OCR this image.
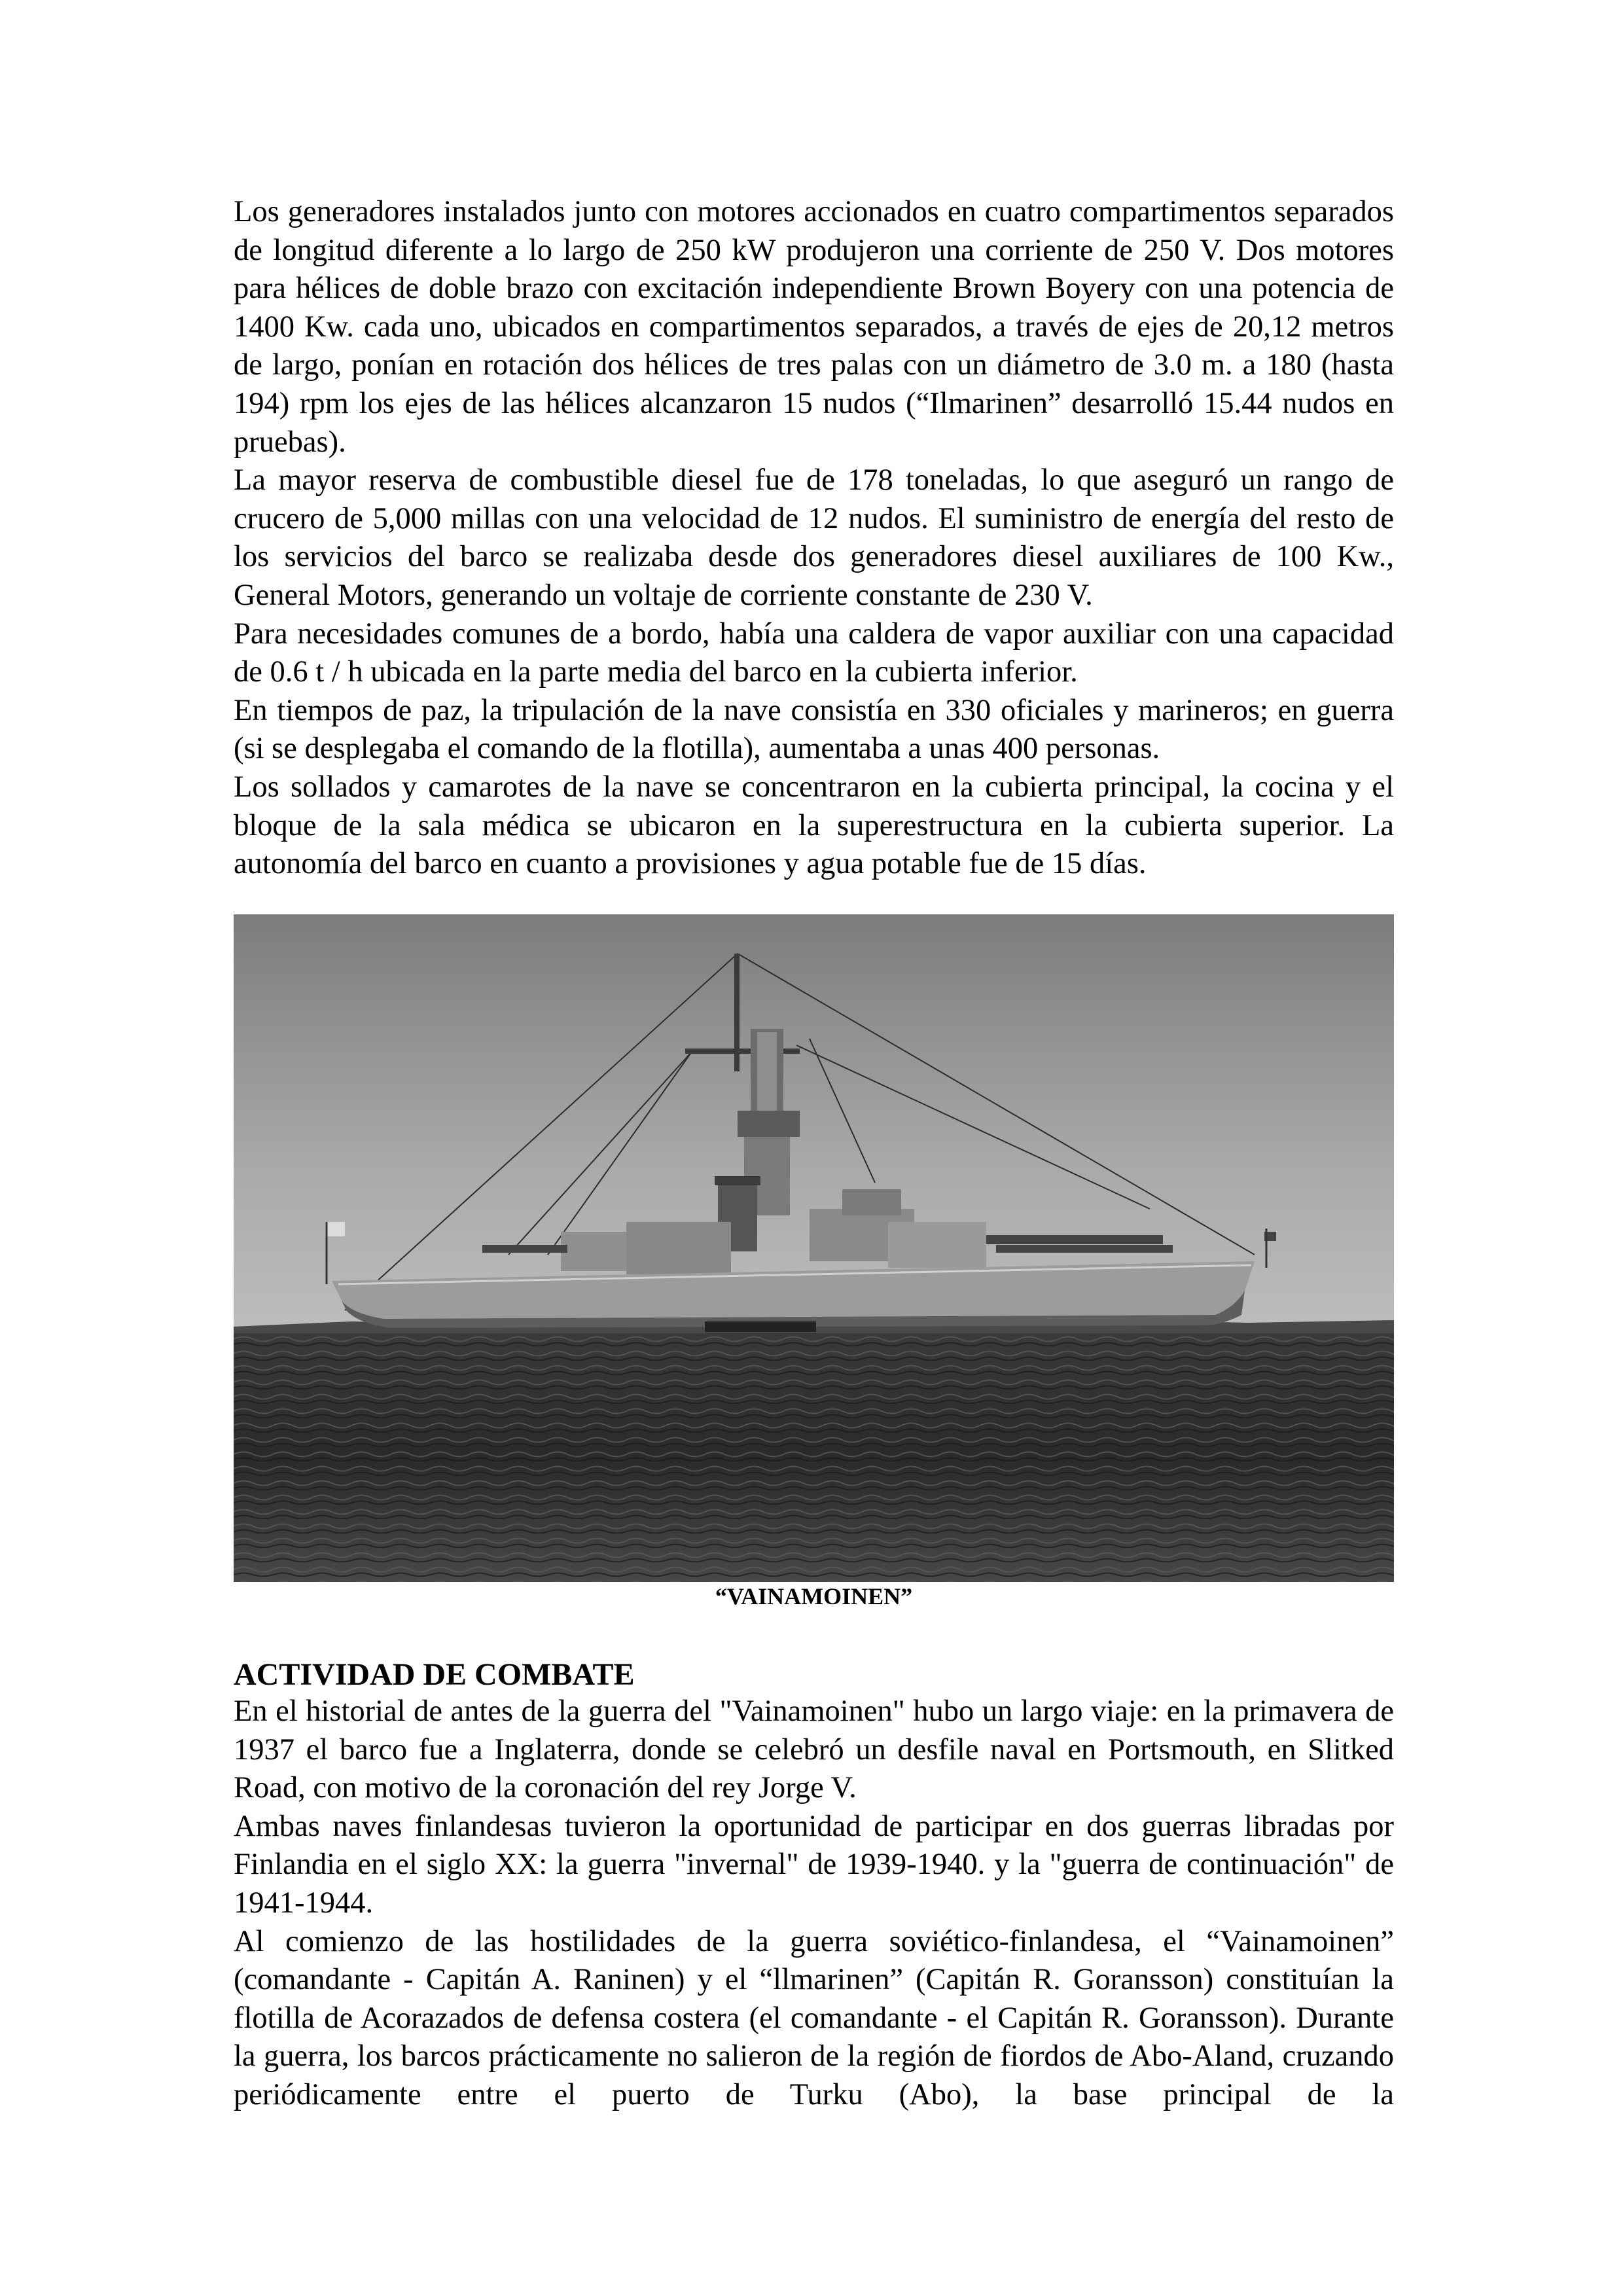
Los generadores instalados junto con motores accionados en cuatro compartimentos separados de longitud diferente a lo largo de 250 kW produjeron una corriente de 250 V. Dos motores para hélices de doble brazo con excitación independiente Brown Boyery con una potencia de 1400 Kw. cada uno, ubicados en compartimentos separados, a través de ejes de 20,12 metros de largo, ponían en rotación dos hélices de tres palas con un diámetro de 3.0 m. a 180 (hasta 194) rpm los ejes de las hélices alcanzaron 15 nudos (“Ilmarinen” desarrolló 15.44 nudos en pruebas).

La mayor reserva de combustible diesel fue de 178 toneladas, lo que aseguró un rango de crucero de 5,000 millas con una velocidad de 12 nudos. El suministro de energía del resto de los servicios del barco se realizaba desde dos generadores diesel auxiliares de 100 Kw., General Motors, generando un voltaje de corriente constante de 230 V.

Para necesidades comunes de a bordo, había una caldera de vapor auxiliar con una capacidad de 0.6 t / h ubicada en la parte media del barco en la cubierta inferior.

En tiempos de paz, la tripulación de la nave consistía en 330 oficiales y marineros; en guerra (si se desplegaba el comando de la flotilla), aumentaba a unas 400 personas.

Los sollados y camarotes de la nave se concentraron en la cubierta principal, la cocina y el bloque de la sala médica se ubicaron en la superestructura en la cubierta superior. La autonomía del barco en cuanto a provisiones y agua potable fue de 15 días.

“VAINAMOINEN”
ACTIVIDAD DE COMBATE

En el historial de antes de la guerra del "Vainamoinen" hubo un largo viaje: en la primavera de 1937 el barco fue a Inglaterra, donde se celebró un desfile naval en Portsmouth, en Slitked Road, con motivo de la coronación del rey Jorge V.

Ambas naves finlandesas tuvieron la oportunidad de participar en dos guerras libradas por Finlandia en el siglo XX: la guerra "invernal" de 1939-1940. y la "guerra de continuación" de 1941-1944.

Al comienzo de las hostilidades de la guerra soviético-finlandesa, el “Vainamoinen” (comandante - Capitán A. Raninen) y el “llmarinen” (Capitán R. Goransson) constituían la flotilla de Acorazados de defensa costera (el comandante - el Capitán R. Goransson). Durante la guerra, los barcos prácticamente no salieron de la región de fiordos de Abo-Aland, cruzando periódicamente entre el puerto de Turku (Abo), la base principal de la
